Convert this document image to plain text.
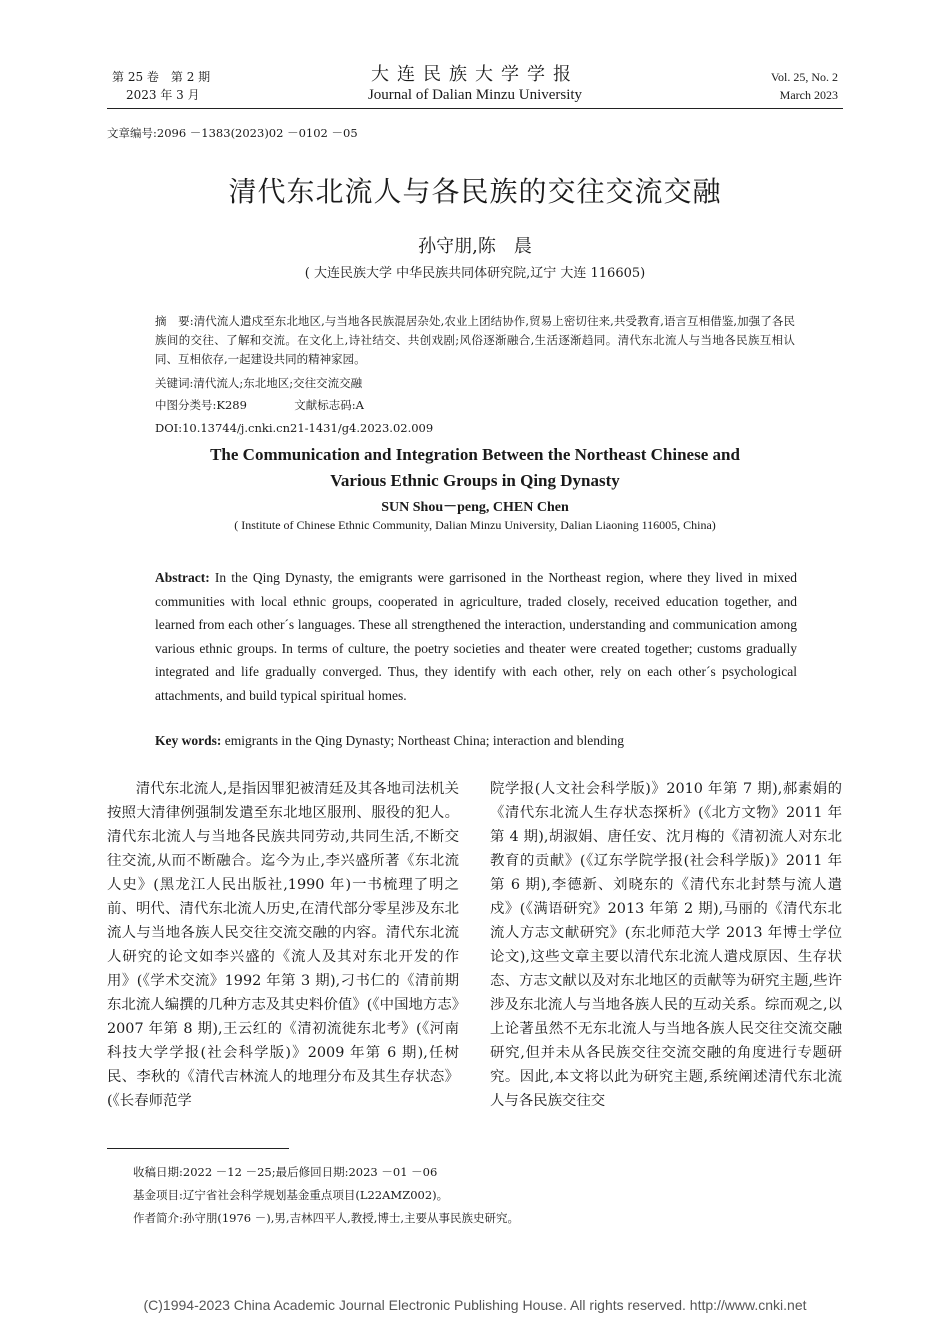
第 25 卷　第 2 期
2023 年 3 月
大连民族大学学报
Journal of Dalian Minzu University
Vol. 25, No. 2
March 2023
文章编号:2096 －1383(2023)02 －0102 －05
清代东北流人与各民族的交往交流交融
孙守朋,陈　晨
( 大连民族大学 中华民族共同体研究院,辽宁 大连 116605)
摘　要:清代流人遣戍至东北地区,与当地各民族混居杂处,农业上团结协作,贸易上密切往来,共受教育,语言互相借鉴,加强了各民族间的交往、了解和交流。在文化上,诗社结交、共创戏剧;风俗逐渐融合,生活逐渐趋同。清代东北流人与当地各民族互相认同、互相依存,一起建设共同的精神家园。
关键词:清代流人;东北地区;交往交流交融
中图分类号:K289	文献标志码:A
DOI:10.13744/j.cnki.cn21-1431/g4.2023.02.009
The Communication and Integration Between the Northeast Chinese and
Various Ethnic Groups in Qing Dynasty
SUN Shou－peng, CHEN Chen
( Institute of Chinese Ethnic Community, Dalian Minzu University, Dalian Liaoning 116005, China)
Abstract: In the Qing Dynasty, the emigrants were garrisoned in the Northeast region, where they lived in mixed communities with local ethnic groups, cooperated in agriculture, traded closely, received education together, and learned from each other´s languages. These all strengthened the interaction, understanding and communication among various ethnic groups. In terms of culture, the poetry societies and theater were created together; customs gradually integrated and life gradually converged. Thus, they identify with each other, rely on each other´s psychological attachments, and build typical spiritual homes.
Key words: emigrants in the Qing Dynasty; Northeast China; interaction and blending

清代东北流人,是指因罪犯被清廷及其各地司法机关按照大清律例强制发遣至东北地区服刑、服役的犯人。清代东北流人与当地各民族共同劳动,共同生活,不断交往交流,从而不断融合。迄今为止,李兴盛所著《东北流人史》(黑龙江人民出版社,1990 年)一书梳理了明之前、明代、清代东北流人历史,在清代部分零星涉及东北流人与当地各族人民交往交流交融的内容。清代东北流人研究的论文如李兴盛的《流人及其对东北开发的作用》(《学术交流》1992 年第 3 期),刁书仁的《清前期东北流人编撰的几种方志及其史料价值》(《中国地方志》2007 年第 8 期),王云红的《清初流徙东北考》(《河南科技大学学报(社会科学版)》2009 年第 6 期),任树民、李秋的《清代吉林流人的地理分布及其生存状态》(《长春师范学

院学报(人文社会科学版)》2010 年第 7 期),郝素娟的《清代东北流人生存状态探析》(《北方文物》2011 年第 4 期),胡淑娟、唐任安、沈月梅的《清初流人对东北教育的贡献》(《辽东学院学报(社会科学版)》2011 年第 6 期),李德新、刘晓东的《清代东北封禁与流人遣戍》(《满语研究》2013 年第 2 期),马丽的《清代东北流人方志文献研究》(东北师范大学 2013 年博士学位论文),这些文章主要以清代东北流人遣戍原因、生存状态、方志文献以及对东北地区的贡献等为研究主题,些许涉及东北流人与当地各族人民的互动关系。综而观之,以上论著虽然不无东北流人与当地各族人民交往交流交融研究,但并未从各民族交往交流交融的角度进行专题研究。因此,本文将以此为研究主题,系统阐述清代东北流人与各民族交往交

收稿日期:2022 －12 －25;最后修回日期:2023 －01 －06
基金项目:辽宁省社会科学规划基金重点项目(L22AMZ002)。
作者简介:孙守朋(1976 －),男,吉林四平人,教授,博士,主要从事民族史研究。
(C)1994-2023 China Academic Journal Electronic Publishing House. All rights reserved. http://www.cnki.net
